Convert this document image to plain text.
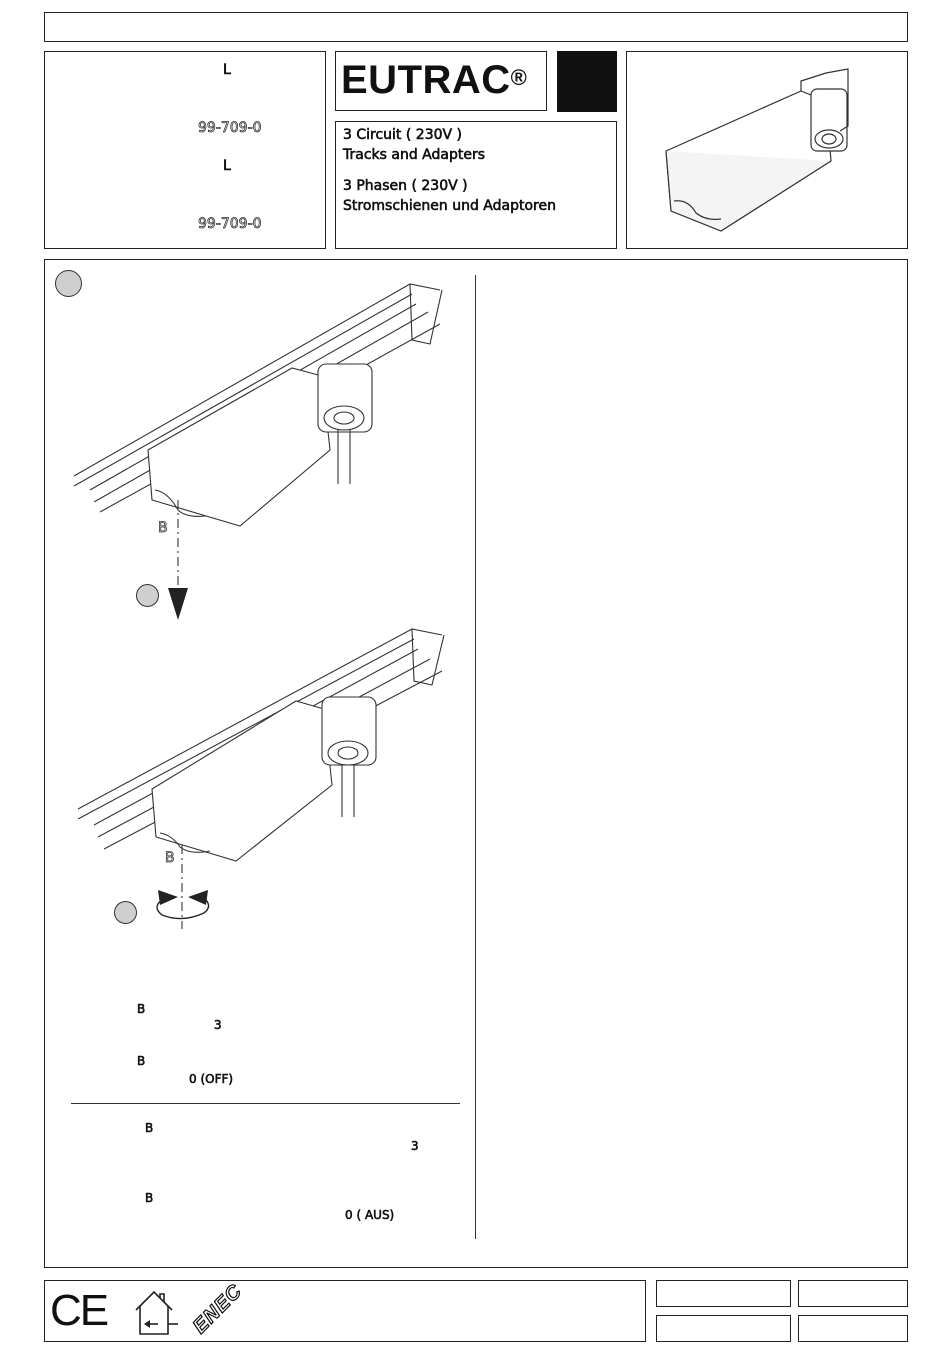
L
99-709-0
L
99-709-0
EUTRAC®
3 Circuit ( 230V )
Tracks and Adapters
3 Phasen ( 230V )
Stromschienen und Adaptoren
B
B
B
3
B
0 (OFF)
B
3
B
0 ( AUS)
CE	ENEC
